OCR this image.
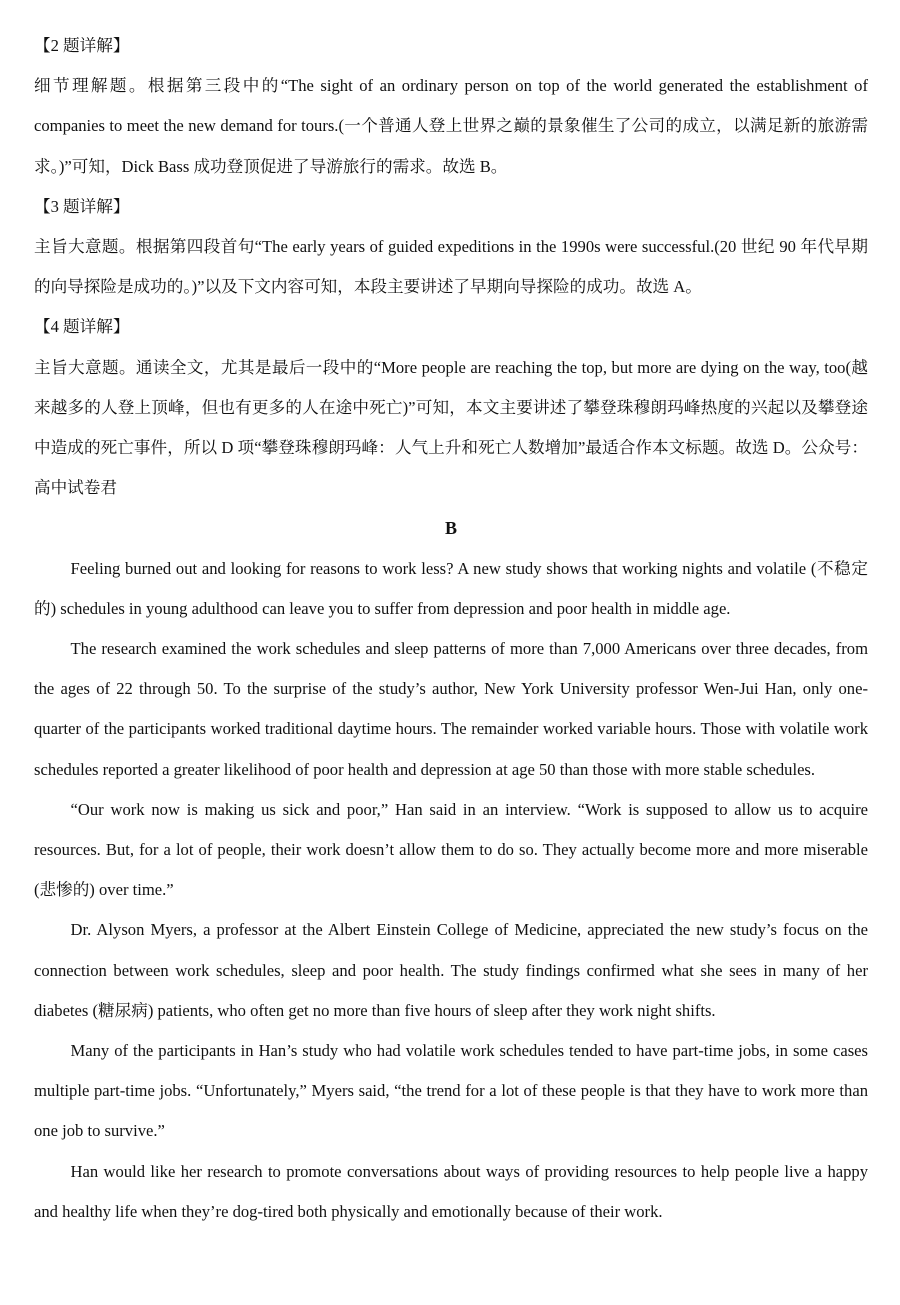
【2 题详解】

细节理解题。根据第三段中的“The sight of an ordinary person on top of the world generated the establishment of companies to meet the new demand for tours.(一个普通人登上世界之巅的景象催生了公司的成立，以满足新的旅游需求。)”可知，Dick Bass 成功登顶促进了导游旅行的需求。故选 B。

【3 题详解】

主旨大意题。根据第四段首句“The early years of guided expeditions in the 1990s were successful.(20 世纪 90 年代早期的向导探险是成功的。)”以及下文内容可知，本段主要讲述了早期向导探险的成功。故选 A。

【4 题详解】

主旨大意题。通读全文，尤其是最后一段中的“More people are reaching the top, but more are dying on the way, too(越来越多的人登上顶峰，但也有更多的人在途中死亡)”可知，本文主要讲述了攀登珠穆朗玛峰热度的兴起以及攀登途中造成的死亡事件，所以 D 项“攀登珠穆朗玛峰：人气上升和死亡人数增加”最适合作本文标题。故选 D。公众号：高中试卷君

B

Feeling burned out and looking for reasons to work less? A new study shows that working nights and volatile (不稳定的) schedules in young adulthood can leave you to suffer from depression and poor health in middle age.

The research examined the work schedules and sleep patterns of more than 7,000 Americans over three decades, from the ages of 22 through 50. To the surprise of the study’s author, New York University professor Wen-Jui Han, only one-quarter of the participants worked traditional daytime hours. The remainder worked variable hours. Those with volatile work schedules reported a greater likelihood of poor health and depression at age 50 than those with more stable schedules.

“Our work now is making us sick and poor,” Han said in an interview. “Work is supposed to allow us to acquire resources. But, for a lot of people, their work doesn’t allow them to do so. They actually become more and more miserable (悲惨的) over time.”

Dr. Alyson Myers, a professor at the Albert Einstein College of Medicine, appreciated the new study’s focus on the connection between work schedules, sleep and poor health. The study findings confirmed what she sees in many of her diabetes (糖尿病) patients, who often get no more than five hours of sleep after they work night shifts.

Many of the participants in Han’s study who had volatile work schedules tended to have part-time jobs, in some cases multiple part-time jobs. “Unfortunately,” Myers said, “the trend for a lot of these people is that they have to work more than one job to survive.”

Han would like her research to promote conversations about ways of providing resources to help people live a happy and healthy life when they’re dog-tired both physically and emotionally because of their work.
